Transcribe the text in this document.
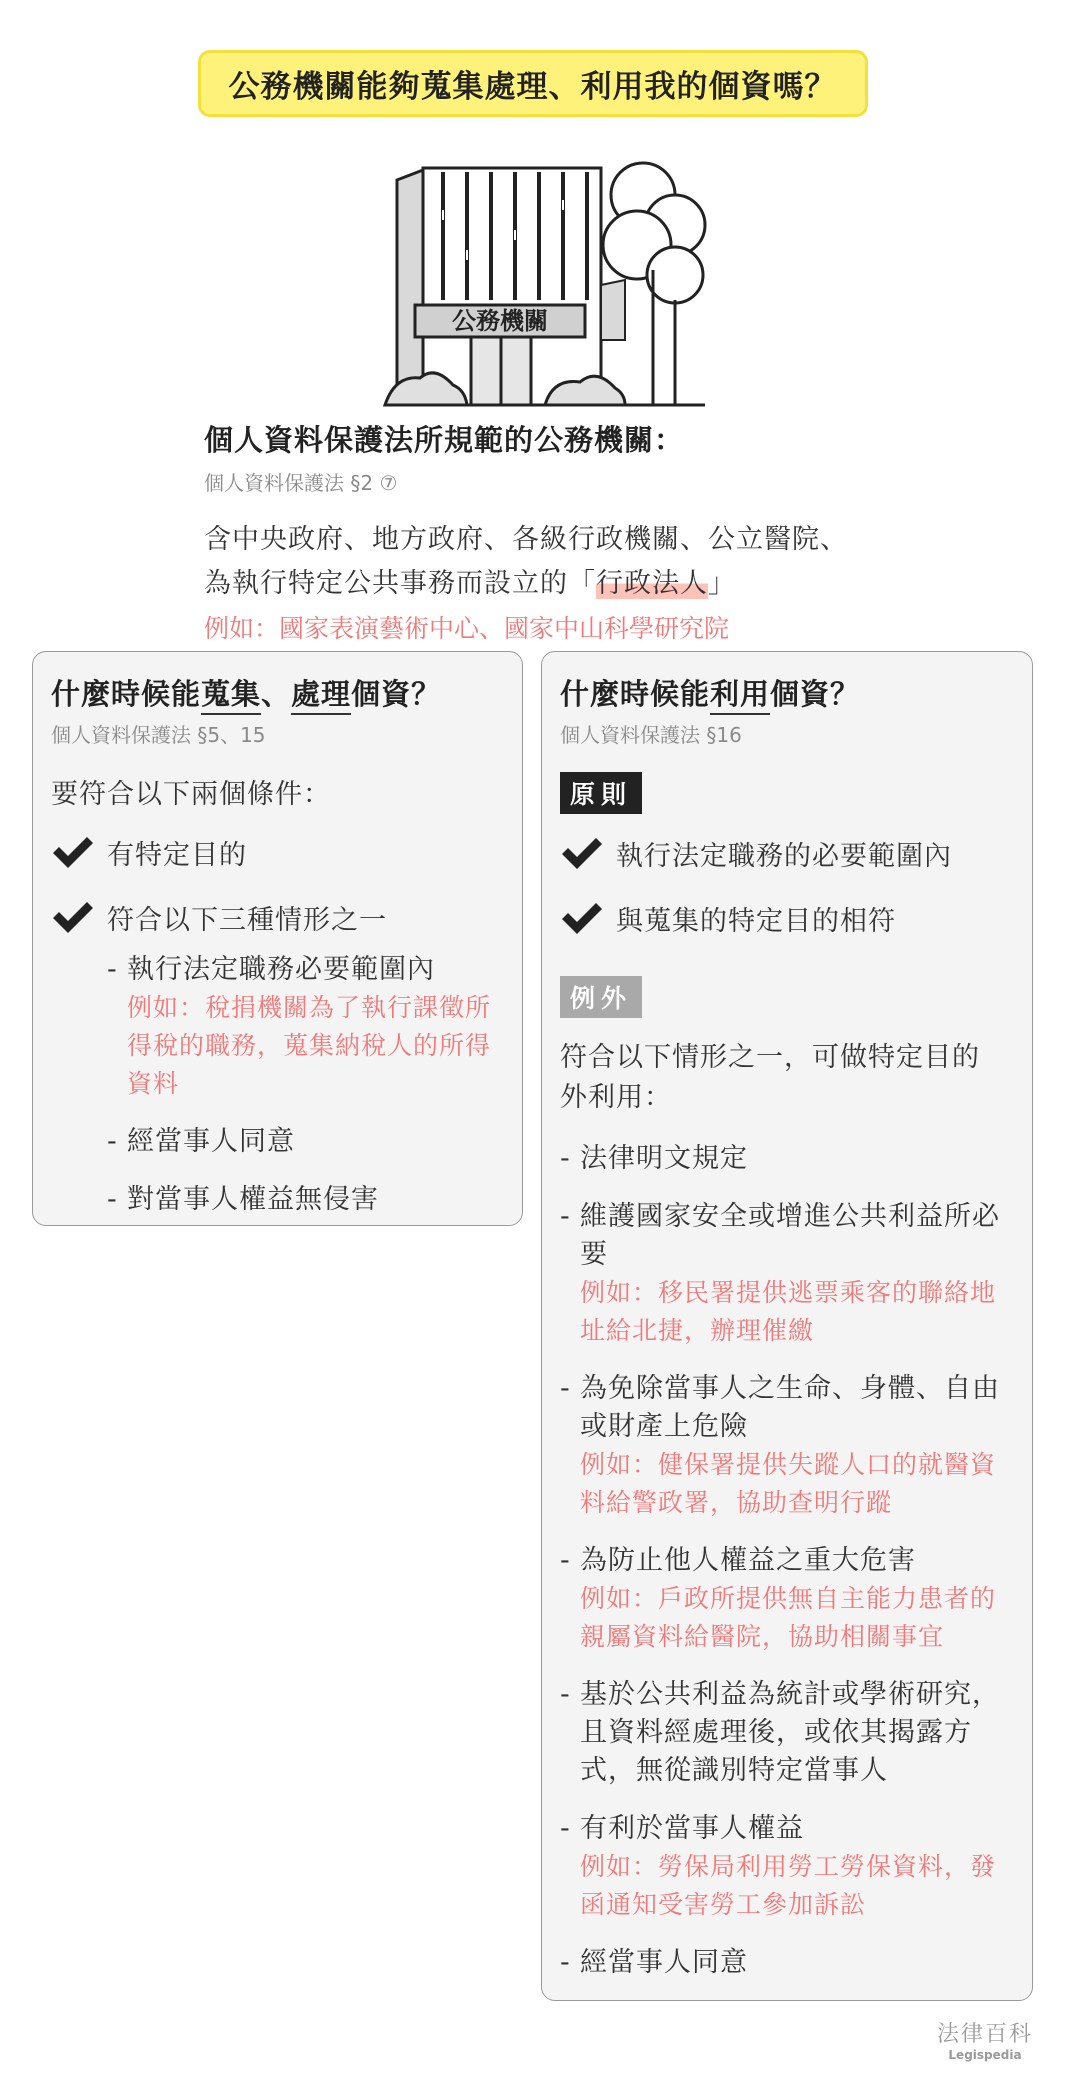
公務機關能夠蒐集處理、利用我的個資嗎？
公務機關
個人資料保護法所規範的公務機關：
個人資料保護法 §2 ⑦

含中央政府、地方政府、各級行政機關、公立醫院、

為執行特定公共事務而設立的「行政法人」

例如：國家表演藝術中心、國家中山科學研究院
什麼時候能蒐集、處理個資？
個人資料保護法 §5、15
要符合以下兩個條件：
有特定目的
符合以下三種情形之一
- 執行法定職務必要範圍內
例如：稅捐機關為了執行課徵所得稅的職務，蒐集納稅人的所得資料
- 經當事人同意
- 對當事人權益無侵害
什麼時候能利用個資？
個人資料保護法 §16
原則
執行法定職務的必要範圍內
與蒐集的特定目的相符
例外
符合以下情形之一，可做特定目的外利用：
- 法律明文規定
- 維護國家安全或增進公共利益所必要
例如：移民署提供逃票乘客的聯絡地址給北捷，辦理催繳
- 為免除當事人之生命、身體、自由或財產上危險
例如：健保署提供失蹤人口的就醫資料給警政署，協助查明行蹤
- 為防止他人權益之重大危害
例如：戶政所提供無自主能力患者的親屬資料給醫院，協助相關事宜
- 基於公共利益為統計或學術研究，且資料經處理後，或依其揭露方式，無從識別特定當事人
- 有利於當事人權益
例如：勞保局利用勞工勞保資料，發函通知受害勞工參加訴訟
- 經當事人同意
法律百科
Legispedia
